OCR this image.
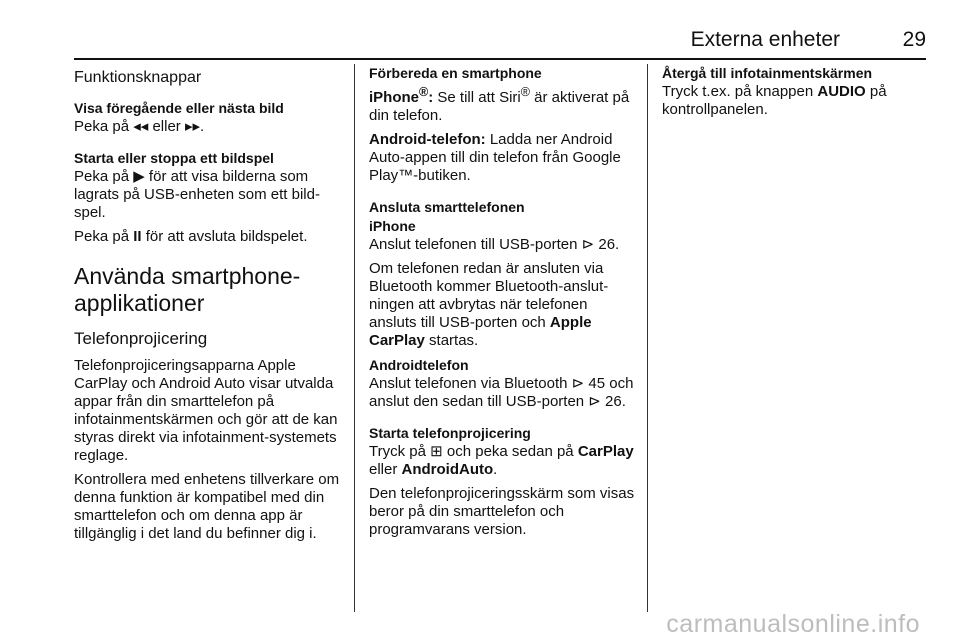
Externa enheter	29
Funktionsknappar
Visa föregående eller nästa bild
Peka på ◂◂ eller ▸▸.
Starta eller stoppa ett bildspel
Peka på ▶ för att visa bilderna som lagrats på USB-enheten som ett bild-spel.
Peka på II för att avsluta bildspelet.
Använda smartphone-applikationer
Telefonprojicering
Telefonprojiceringsapparna Apple CarPlay och Android Auto visar utvalda appar från din smarttelefon på infotainmentskärmen och gör att de kan styras direkt via infotainment-systemets reglage.
Kontrollera med enhetens tillverkare om denna funktion är kompatibel med din smarttelefon och om denna app är tillgänglig i det land du befinner dig i.
Förbereda en smartphone
iPhone®: Se till att Siri® är aktiverat på din telefon.
Android-telefon: Ladda ner Android Auto-appen till din telefon från Google Play™-butiken.
Ansluta smarttelefonen
iPhone
Anslut telefonen till USB-porten ⊳ 26.
Om telefonen redan är ansluten via Bluetooth kommer Bluetooth-anslut-ningen att avbrytas när telefonen ansluts till USB-porten och Apple CarPlay startas.
Androidtelefon
Anslut telefonen via Bluetooth ⊳ 45 och anslut den sedan till USB-porten ⊳ 26.
Starta telefonprojicering
Tryck på ⊞ och peka sedan på CarPlay eller AndroidAuto.
Den telefonprojiceringsskärm som visas beror på din smarttelefon och programvarans version.
Återgå till infotainmentskärmen
Tryck t.ex. på knappen AUDIO på kontrollpanelen.
carmanualsonline.info
